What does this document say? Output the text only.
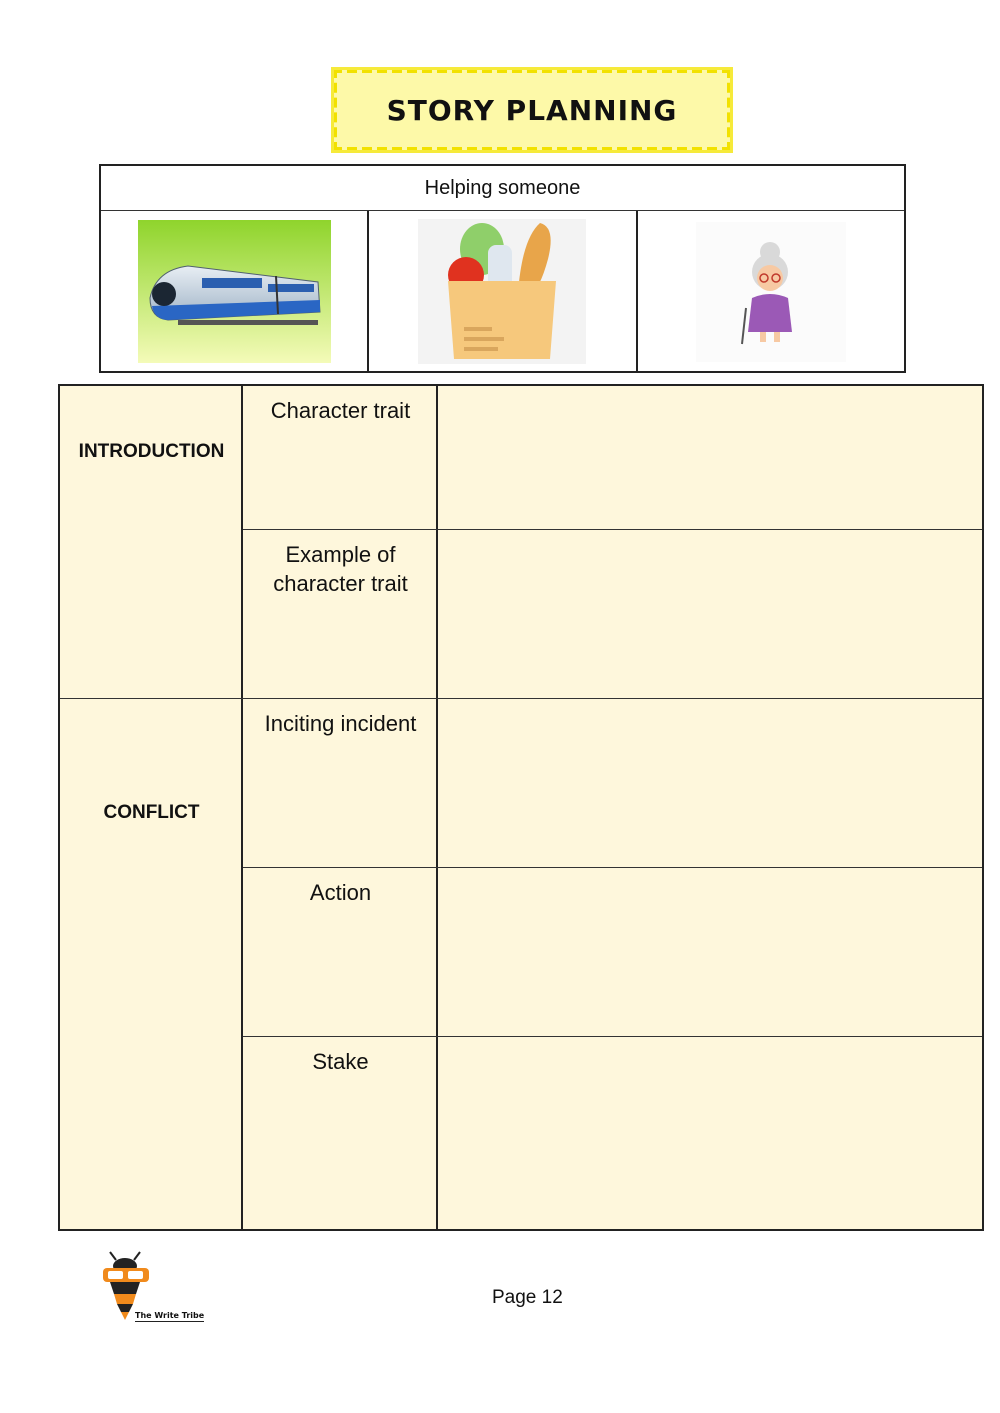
STORY PLANNING
Helping someone
INTRODUCTION
CONFLICT
Character trait
Example of character trait
Inciting incident
Action
Stake
The Write Tribe
Page 12
